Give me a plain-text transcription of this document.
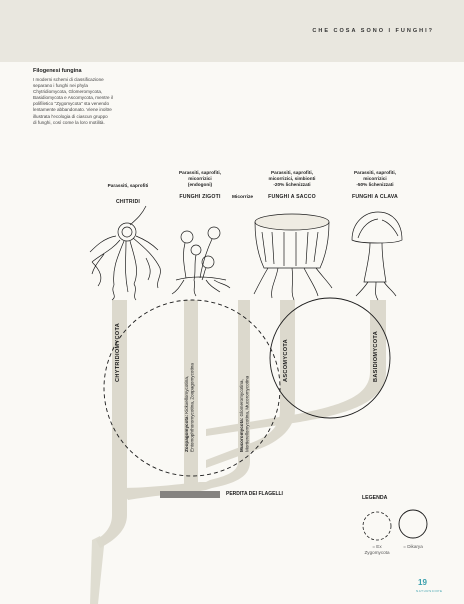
CHE COSA SONO I FUNGHI?
Filogenesi fungina
I moderni schemi di classificazione
separano i funghi nei phyla
Chytridiomycota, Glomeromycota,
Basidiomycota e Ascomycota, mentre il
polifiletico "Zygomycota" sta venendo
lentamente abbandonato. Viene inoltre
illustrata l'ecologia di ciascun gruppo
di funghi, così come la loro motilità.
Parassiti, saprofiti
CHITRIDI
Parassiti, saprofiti,
micorrizici
(endogoni)
FUNGHI ZIGOTI
Parassiti, saprofiti,
micorrizici, simbionti
-20% lichenizzati
FUNGHI A SACCO
Parassiti, saprofiti,
micorrizici
-50% lichenizzati
FUNGHI A CLAVA
Micorrize
CHYTRIDIOMYCOTA
Zoopagomycota: Kickxellomycotina,
Entomophthoromycotina, Zoopagomycotina	Mucoromycota: Glomeromycotina,
Mortierellomycotina, Mucoromycotina
ASCOMYCOTA	BASIDIOMYCOTA
PERDITA DEI FLAGELLI
LEGENDA
= Ex
Zygomycota
= Dikarya
19
NATURSCOPE
